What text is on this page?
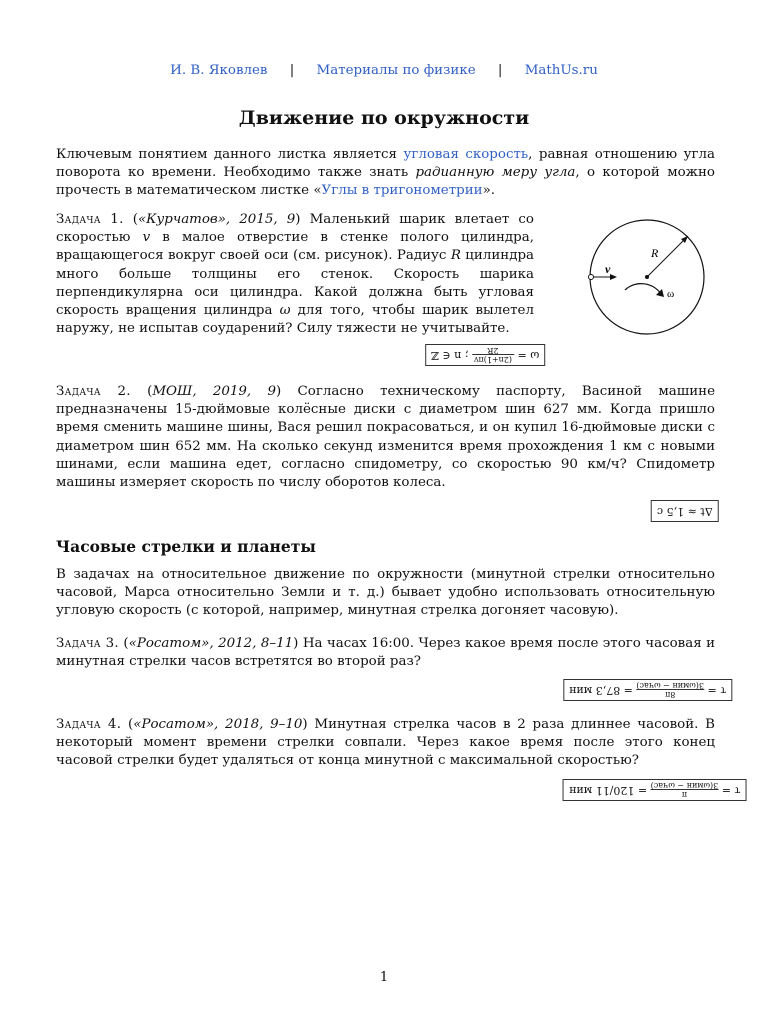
И. В. Яковлев | Материалы по физике | MathUs.ru
Движение по окружности

Ключевым понятием данного листка является угловая скорость, равная отношению угла поворота ко времени. Необходимо также знать радианную меру угла, о которой можно прочесть в математическом листке «Углы в тригонометрии».

Задача 1. («Курчатов», 2015, 9) Маленький шарик влетает со скоростью v в малое отверстие в стенке полого цилиндра, вращающегося вокруг своей оси (см. рисунок). Радиус R цилиндра много больше толщины его стенок. Скорость шарика перпендикулярна оси цилиндра. Какой должна быть угловая скорость вращения цилиндра ω для того, чтобы шарик вылетел наружу, не испытав соударений? Силу тяжести не учитывайте.

R
v
ω
ω =
(2n+1)πv
2R
; n ∈ ℤ

Задача 2. (МОШ, 2019, 9) Согласно техническому паспорту, Васиной машине предназначены 15-дюймовые колёсные диски с диаметром шин 627 мм. Когда пришло время сменить машине шины, Вася решил покрасоваться, и он купил 16-дюймовые диски с диаметром шин 652 мм. На сколько секунд изменится время прохождения 1 км с новыми шинами, если машина едет, согласно спидометру, со скоростью 90 км/ч? Спидометр машины измеряет скорость по числу оборотов колеса.

Δt ≈ 1,5 с
Часовые стрелки и планеты

В задачах на относительное движение по окружности (минутной стрелки относительно часовой, Марса относительно Земли и т. д.) бывает удобно использовать относительную угловую скорость (с которой, например, минутная стрелка догоняет часовую).

Задача 3. («Росатом», 2012, 8–11) На часах 16:00. Через какое время после этого часовая и минутная стрелки часов встретятся во второй раз?

τ =
8π
3(ωмин − ωчас)
= 87,3 мин

Задача 4. («Росатом», 2018, 9–10) Минутная стрелка часов в 2 раза длиннее часовой. В некоторый момент времени стрелки совпали. Через какое время после этого конец часовой стрелки будет удаляться от конца минутной с максимальной скоростью?

τ =
π
3(ωмин − ωчас)
= 120/11 мин
1
